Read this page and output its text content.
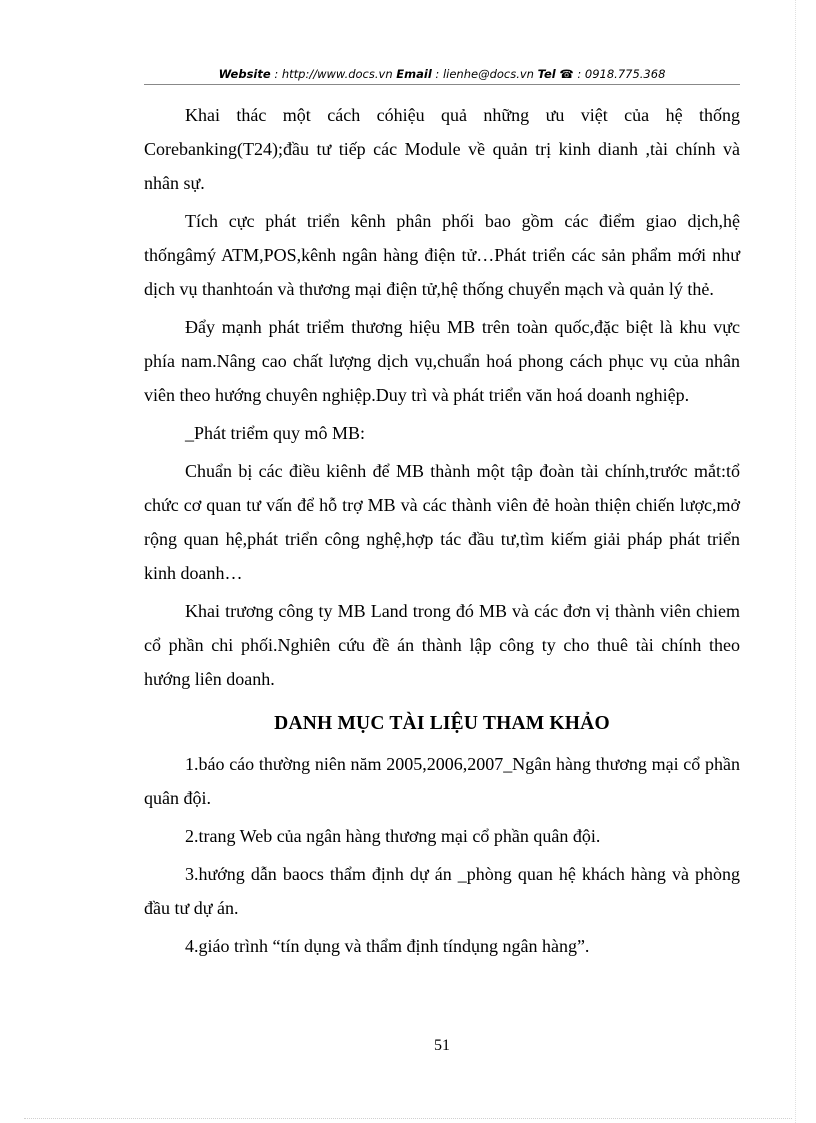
Website : http://www.docs.vn Email : lienhe@docs.vn Tel ☎ : 0918.775.368

Khai thác một cách cóhiệu quả những ưu việt của hệ thống Corebanking(T24);đầu tư tiếp các Module về quản trị kinh dianh ,tài chính và nhân sự.

Tích cực phát triển kênh phân phối bao gồm các điểm giao dịch,hệ thốngâmý ATM,POS,kênh ngân hàng điện tử…Phát triển các sản phẩm mới như dịch vụ thanhtoán và thương mại điện tử,hệ thống chuyển mạch và quản lý thẻ.

Đẩy mạnh phát triểm thương hiệu MB trên toàn quốc,đặc biệt là khu vực phía nam.Nâng cao chất lượng dịch vụ,chuẩn hoá phong cách phục vụ của nhân viên theo hướng chuyên nghiệp.Duy trì và phát triển văn hoá doanh nghiệp.

_Phát triểm quy mô MB:

Chuẩn bị các điều kiênh để MB thành một tập đoàn tài chính,trước mắt:tổ chức cơ quan tư vấn để hỗ trợ MB và các thành viên đẻ hoàn thiện chiến lược,mở rộng quan hệ,phát triển công nghệ,hợp tác đầu tư,tìm kiếm giải pháp phát triển kinh doanh…

Khai trương công ty MB Land trong đó MB và các đơn vị thành viên chiem cổ phần chi phối.Nghiên cứu đề án thành lập công ty cho thuê tài chính theo hướng liên doanh.

DANH MỤC TÀI LIỆU THAM KHẢO

1.báo cáo thường niên năm 2005,2006,2007_Ngân hàng thương mại cổ phần quân đội.

2.trang Web của ngân hàng thương mại cổ phần quân đội.

3.hướng dẫn baocs thẩm định dự án _phòng quan hệ khách hàng và phòng đầu tư dự án.

4.giáo trình “tín dụng và thẩm định tíndụng ngân hàng”.

51
